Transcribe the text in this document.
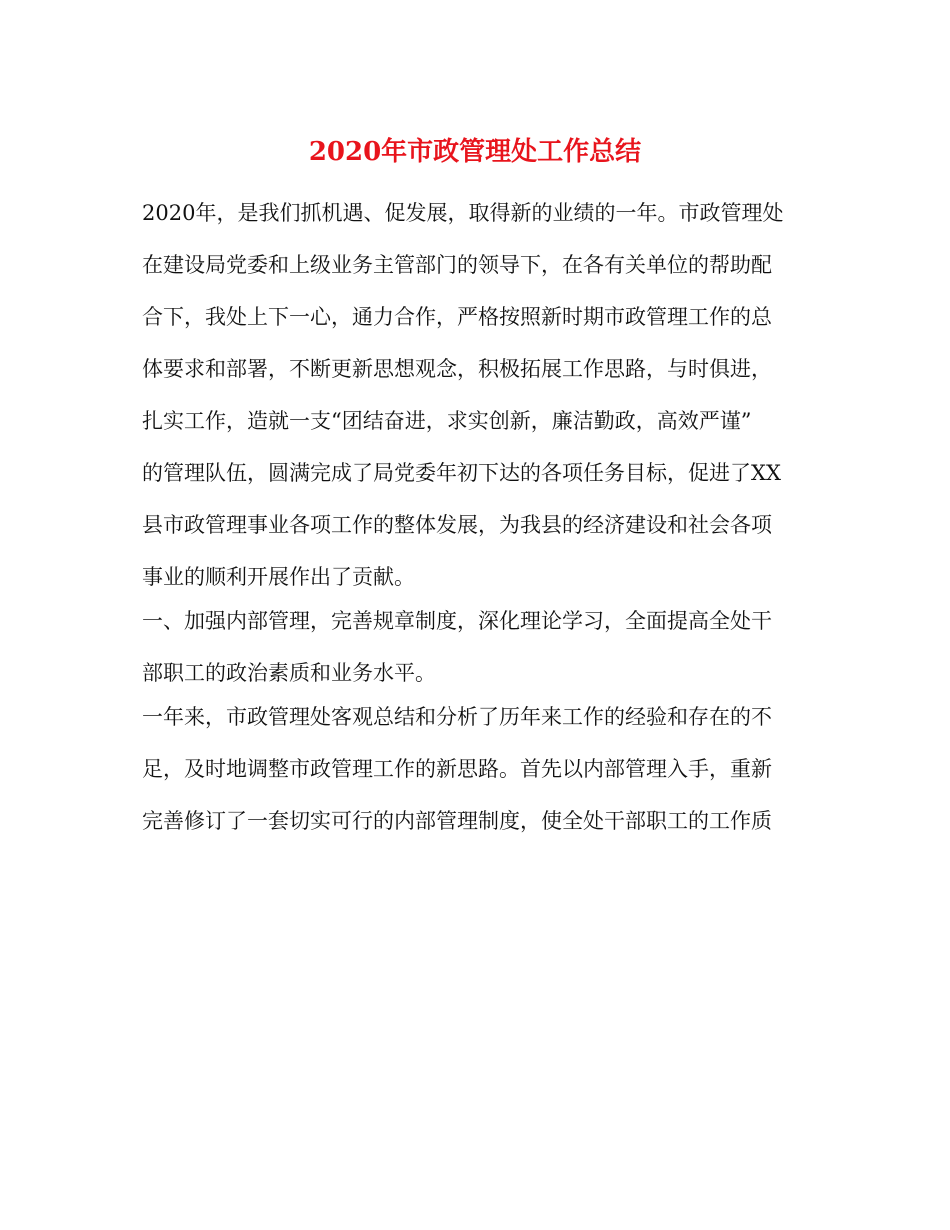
2020年市政管理处工作总结

2020年，是我们抓机遇、促发展，取得新的业绩的一年。市政管理处
在建设局党委和上级业务主管部门的领导下，在各有关单位的帮助配
合下，我处上下一心，通力合作，严格按照新时期市政管理工作的总
体要求和部署，不断更新思想观念，积极拓展工作思路，与时俱进，
扎实工作，造就一支“团结奋进，求实创新，廉洁勤政，高效严谨”
的管理队伍，圆满完成了局党委年初下达的各项任务目标，促进了XX
县市政管理事业各项工作的整体发展，为我县的经济建设和社会各项
事业的顺利开展作出了贡献。

一、加强内部管理，完善规章制度，深化理论学习，全面提高全处干
部职工的政治素质和业务水平。

一年来，市政管理处客观总结和分析了历年来工作的经验和存在的不
足，及时地调整市政管理工作的新思路。首先以内部管理入手，重新
完善修订了一套切实可行的内部管理制度，使全处干部职工的工作质
